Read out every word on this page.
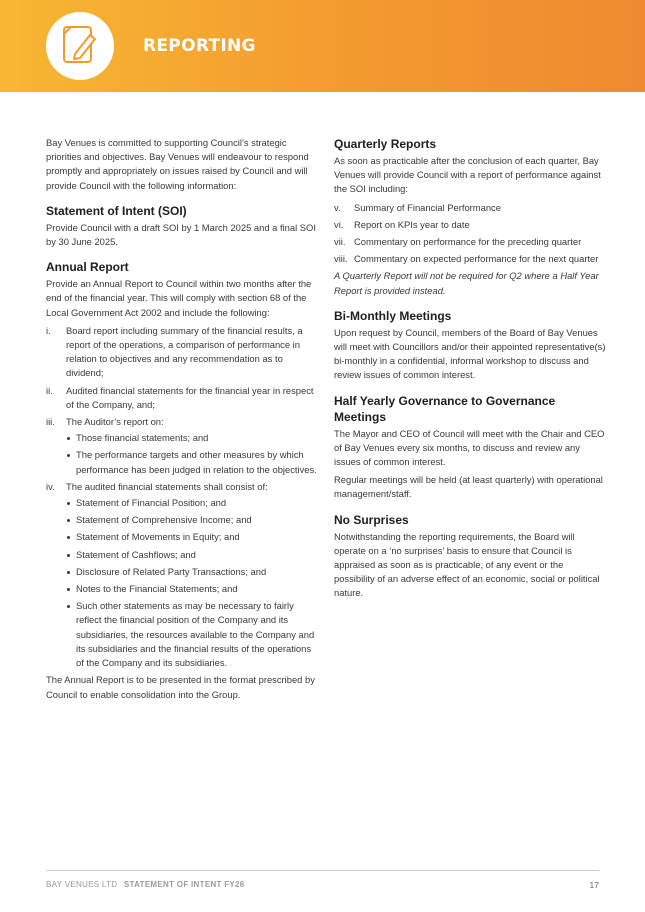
REPORTING

Bay Venues is committed to supporting Council’s strategic priorities and objectives. Bay Venues will endeavour to respond promptly and appropriately on issues raised by Council and will provide Council with the following information:

Statement of Intent (SOI)

Provide Council with a draft SOI by 1 March 2025 and a final SOI by 30 June 2025.

Annual Report

Provide an Annual Report to Council within two months after the end of the financial year. This will comply with section 68 of the Local Government Act 2002 and include the following:

i. Board report including summary of the financial results, a report of the operations, a comparison of performance in relation to objectives and any recommendation as to dividend;
ii. Audited financial statements for the financial year in respect of the Company, and;
iii. The Auditor’s report on:
Those financial statements; and
The performance targets and other measures by which performance has been judged in relation to the objectives.
iv. The audited financial statements shall consist of:
Statement of Financial Position; and
Statement of Comprehensive Income; and
Statement of Movements in Equity; and
Statement of Cashflows; and
Disclosure of Related Party Transactions; and
Notes to the Financial Statements; and
Such other statements as may be necessary to fairly reflect the financial position of the Company and its subsidiaries, the resources available to the Company and its subsidiaries and the financial results of the operations of the Company and its subsidiaries.

The Annual Report is to be presented in the format prescribed by Council to enable consolidation into the Group.

Quarterly Reports

As soon as practicable after the conclusion of each quarter, Bay Venues will provide Council with a report of performance against the SOI including:

v. Summary of Financial Performance
vi. Report on KPIs year to date
vii. Commentary on performance for the preceding quarter
viii. Commentary on expected performance for the next quarter

A Quarterly Report will not be required for Q2 where a Half Year Report is provided instead.

Bi-Monthly Meetings

Upon request by Council, members of the Board of Bay Venues will meet with Councillors and/or their appointed representative(s) bi-monthly in a confidential, informal workshop to discuss and review issues of common interest.

Half Yearly Governance to Governance Meetings

The Mayor and CEO of Council will meet with the Chair and CEO of Bay Venues every six months, to discuss and review any issues of common interest.

Regular meetings will be held (at least quarterly) with operational management/staff.

No Surprises

Notwithstanding the reporting requirements, the Board will operate on a ‘no surprises’ basis to ensure that Council is appraised as soon as is practicable, of any event or the possibility of an adverse effect of an economic, social or political nature.

BAY VENUES LTD STATEMENT OF INTENT FY26	17
